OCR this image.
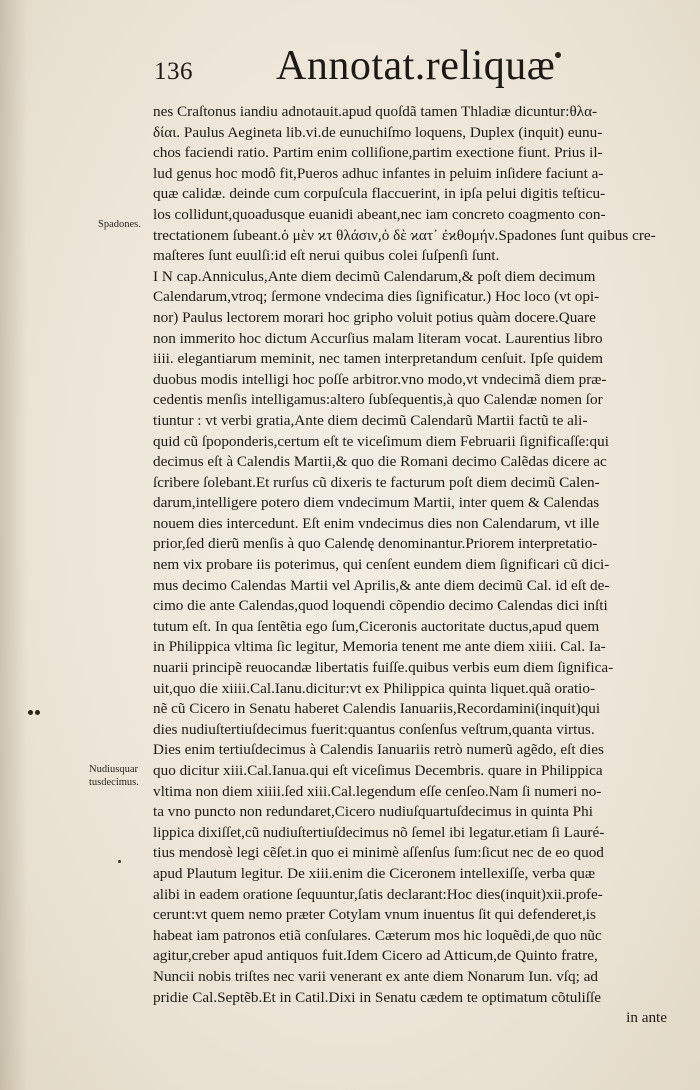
136 Annotat.reliquæ
Spadones.
Nudiusquar
tusdecimus.
nes Craſtonus iandiu adnotauit.apud quoſdã tamen Thladiæ dicuntur:θλα-
δίαι. Paulus Aegineta lib.vi.de eunuchiſmo loquens, Duplex (inquit) eunu-
chos faciendi ratio. Partim enim colliſione,partim exectione fiunt. Prius il-
lud genus hoc modô fit,Pueros adhuc infantes in peluim inſidere faciunt a-
quæ calidæ. deinde cum corpuſcula flaccuerint, in ipſa pelui digitis teſticu-
los collidunt,quoadusque euanidi abeant,nec iam concreto coagmento con-
trectationem ſubeant.ὁ μὲν ϰτ θλάσιν,ὁ δὲ ϰατ᾽ ἐϰθομήν.Spadones ſunt quibus cre-
maſteres ſunt euulſi:id eſt nerui quibus colei ſuſpenſi ſunt.
I N cap.Anniculus,Ante diem decimũ Calendarum,& poſt diem decimum
Calendarum,vtroq; ſermone vndecima dies ſignificatur.) Hoc loco (vt opi-
nor) Paulus lectorem morari hoc gripho voluit potius quàm docere.Quare
non immerito hoc dictum Accurſius malam literam vocat. Laurentius libro
iiii. elegantiarum meminit, nec tamen interpretandum cenſuit. Ipſe quidem
duobus modis intelligi hoc poſſe arbitror.vno modo,vt vndecimã diem præ-
cedentis menſis intelligamus:altero ſubſequentis,à quo Calendæ nomen ſor
tiuntur : vt verbi gratia,Ante diem decimũ Calendarũ Martii factũ te ali-
quid cũ ſpoponderis,certum eſt te viceſimum diem Februarii ſignificaſſe:qui
decimus eſt à Calendis Martii,& quo die Romani decimo Calẽdas dicere ac
ſcribere ſolebant.Et rurſus cũ dixeris te facturum poſt diem decimũ Calen-
darum,intelligere potero diem vndecimum Martii, inter quem & Calendas
nouem dies intercedunt. Eſt enim vndecimus dies non Calendarum, vt ille
prior,ſed dierũ menſis à quo Calendę denominantur.Priorem interpretatio-
nem vix probare iis poterimus, qui cenſent eundem diem ſignificari cũ dici-
mus decimo Calendas Martii vel Aprilis,& ante diem decimũ Cal. id eſt de-
cimo die ante Calendas,quod loquendi cõpendio decimo Calendas dici inſti
tutum eſt. In qua ſentẽtia ego ſum,Ciceronis auctoritate ductus,apud quem
in Philippica vltima ſic legitur, Memoria tenent me ante diem xiiii. Cal. Ia-
nuarii principẽ reuocandæ libertatis fuiſſe.quibus verbis eum diem ſignifica-
uit,quo die xiiii.Cal.Ianu.dicitur:vt ex Philippica quinta liquet.quã oratio-
nẽ cũ Cicero in Senatu haberet Calendis Ianuariis,Recordamini(inquit)qui
dies nudiuſtertiuſdecimus fuerit:quantus conſenſus veſtrum,quanta virtus.
Dies enim tertiuſdecimus à Calendis Ianuariis retrò numerũ agẽdo, eſt dies
quo dicitur xiii.Cal.Ianua.qui eſt viceſimus Decembris. quare in Philippica
vltima non diem xiiii.ſed xiii.Cal.legendum eſſe cenſeo.Nam ſi numeri no-
ta vno puncto non redundaret,Cicero nudiuſquartuſdecimus in quinta Phi
lippica dixiſſet,cũ nudiuſtertiuſdecimus nõ ſemel ibi legatur.etiam ſi Lauré-
tius mendosè legi cẽſet.in quo ei minimè aſſenſus ſum:ſicut nec de eo quod
apud Plautum legitur. De xiii.enim die Ciceronem intellexiſſe, verba quæ
alibi in eadem oratione ſequuntur,ſatis declarant:Hoc dies(inquit)xii.profe-
cerunt:vt quem nemo præter Cotylam vnum inuentus ſit qui defenderet,is
habeat iam patronos etiã conſulares. Cæterum mos hic loquẽdi,de quo nũc
agitur,creber apud antiquos fuit.Idem Cicero ad Atticum,de Quinto fratre,
Nuncii nobis triſtes nec varii venerant ex ante diem Nonarum Iun. vſq; ad
pridie Cal.Septẽb.Et in Catil.Dixi in Senatu cædem te optimatum cõtuliſſe
in ante
